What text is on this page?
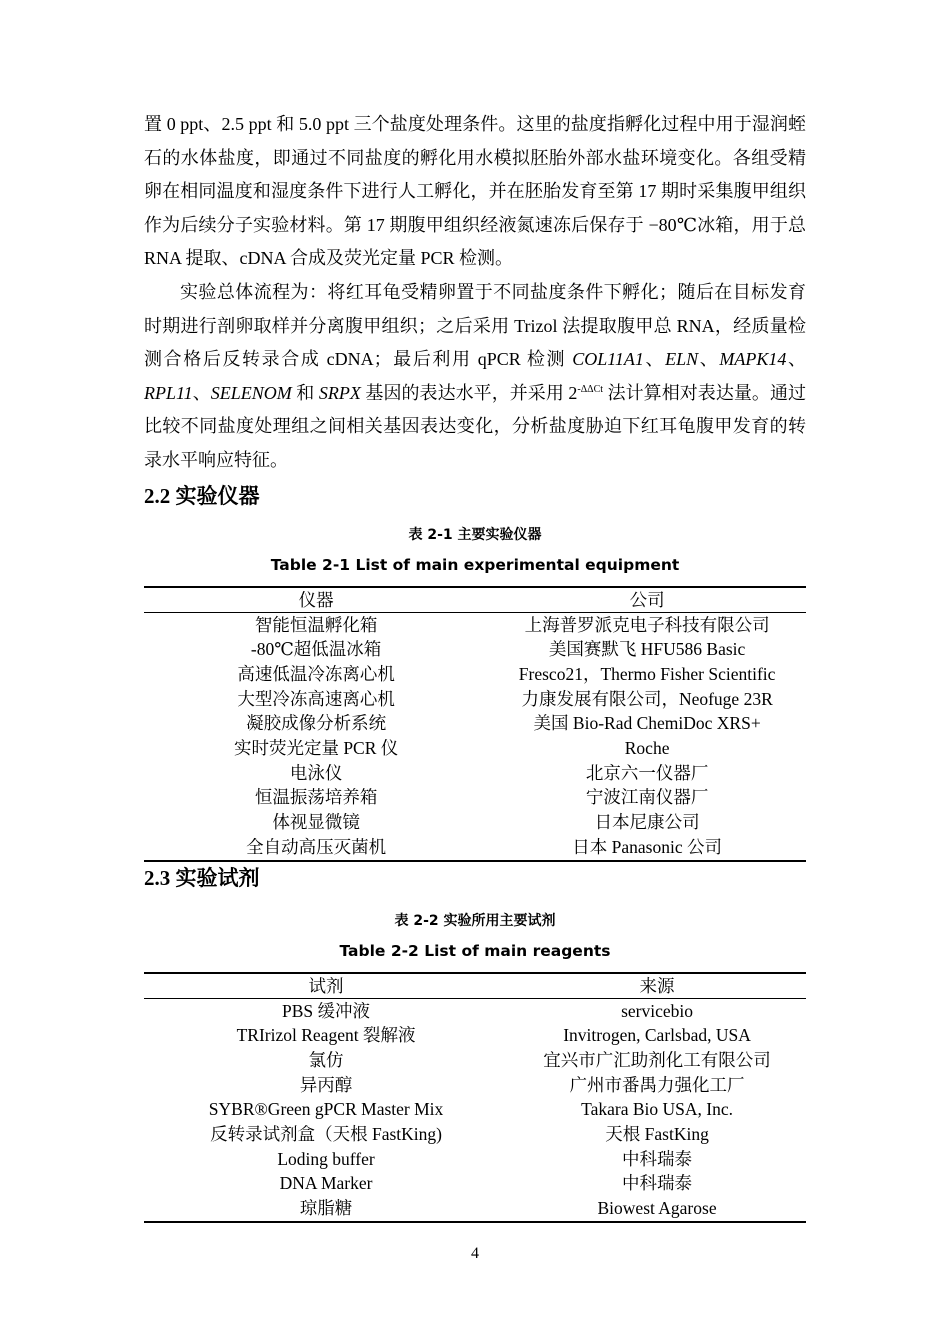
置 0 ppt、2.5 ppt 和 5.0 ppt 三个盐度处理条件。这里的盐度指孵化过程中用于湿润蛭石的水体盐度，即通过不同盐度的孵化用水模拟胚胎外部水盐环境变化。各组受精卵在相同温度和湿度条件下进行人工孵化，并在胚胎发育至第 17 期时采集腹甲组织作为后续分子实验材料。第 17 期腹甲组织经液氮速冻后保存于 −80℃冰箱，用于总 RNA 提取、cDNA 合成及荧光定量 PCR 检测。

实验总体流程为：将红耳龟受精卵置于不同盐度条件下孵化；随后在目标发育时期进行剖卵取样并分离腹甲组织；之后采用 Trizol 法提取腹甲总 RNA，经质量检测合格后反转录合成 cDNA；最后利用 qPCR 检测 COL11A1、ELN、MAPK14、RPL11、SELENOM 和 SRPX 基因的表达水平，并采用 $2^{-\Delta\Delta Ct}$ 法计算相对表达量。通过比较不同盐度处理组之间相关基因表达变化，分析盐度胁迫下红耳龟腹甲发育的转录水平响应特征。

2.2 实验仪器

表 2-1 主要实验仪器

Table 2-1 List of main experimental equipment

仪器	公司
智能恒温孵化箱	上海普罗派克电子科技有限公司
-80℃超低温冰箱	美国赛默飞 HFU586 Basic
高速低温冷冻离心机	Fresco21，Thermo Fisher Scientific
大型冷冻高速离心机	力康发展有限公司，Neofuge 23R
凝胶成像分析系统	美国 Bio-Rad ChemiDoc XRS+
实时荧光定量 PCR 仪	Roche
电泳仪	北京六一仪器厂
恒温振荡培养箱	宁波江南仪器厂
体视显微镜	日本尼康公司
全自动高压灭菌机	日本 Panasonic 公司
2.3 实验试剂

表 2-2 实验所用主要试剂

Table 2-2 List of main reagents

试剂	来源
PBS 缓冲液	servicebio
TRIrizol Reagent 裂解液	Invitrogen, Carlsbad, USA
氯仿	宜兴市广汇助剂化工有限公司
异丙醇	广州市番禺力强化工厂
SYBR®Green gPCR Master Mix	Takara Bio USA, Inc.
反转录试剂盒（天根 FastKing)	天根 FastKing
Loding buffer	中科瑞泰
DNA Marker	中科瑞泰
琼脂糖	Biowest Agarose
4
